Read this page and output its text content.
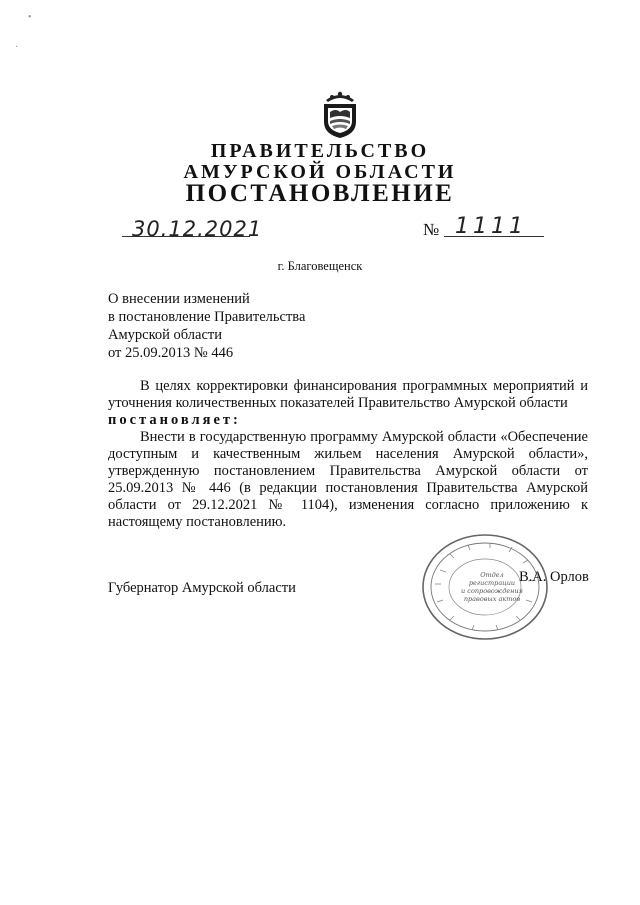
•
·
ПРАВИТЕЛЬСТВО
АМУРСКОЙ ОБЛАСТИ
ПОСТАНОВЛЕНИЕ
30.12.2021	№ 1111
г. Благовещенск
О внесении изменений
в постановление Правительства
Амурской области
от 25.09.2013 № 446
В целях корректировки финансирования программных мероприятий и
уточнения количественных показателей Правительство Амурской области
постановляет:
Внести в государственную программу Амурской области «Обеспечение
доступным и качественным жильем населения Амурской области»,
утвержденную постановлением Правительства Амурской области от
25.09.2013 № 446 (в редакции постановления Правительства Амурской
области от 29.12.2021 № 1104), изменения согласно приложению к
настоящему постановлению.
Отдел
регистрации
и сопровождения
правовых актов
Губернатор Амурской области
В.А. Орлов
